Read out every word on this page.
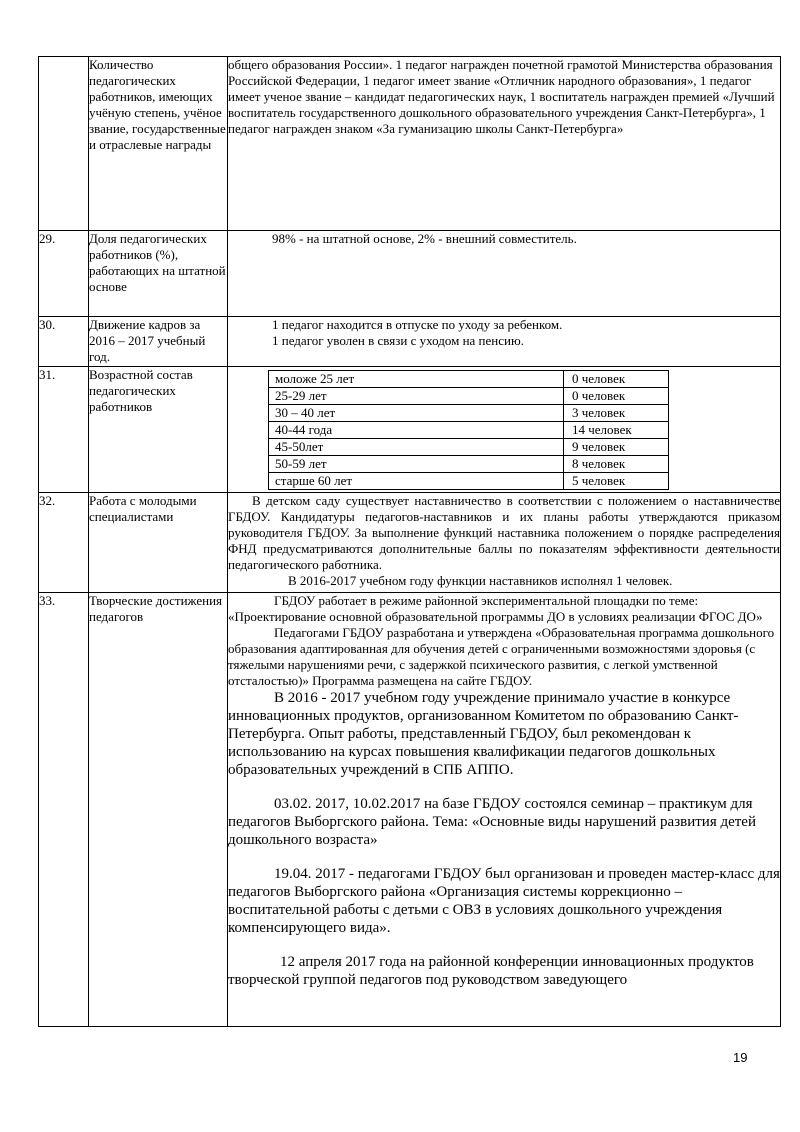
	Количество педагогических работников, имеющих учёную степень, учёное звание, государственные и отраслевые награды	

общего образования России». 1 педагог награжден почетной грамотой Министерства образования Российской Федерации, 1 педагог имеет звание «Отличник народного образования», 1 педагог имеет ученое звание – кандидат педагогических наук, 1 воспитатель награжден премией «Лучший воспитатель государственного дошкольного образовательного учреждения Санкт-Петербурга», 1 педагог награжден знаком «За гуманизацию школы Санкт-Петербурга»

29.	Доля педагогических работников (%), работающих на штатной основе	

98% - на штатной основе, 2% - внешний совместитель.

30.	Движение кадров за 2016 – 2017 учебный год.	

1 педагог находится в отпуске по уходу за ребенком.

1 педагог уволен в связи с уходом на пенсию.

31.	Возрастной состав педагогических работников	
моложе 25 лет	0 человек
25-29 лет	0 человек
30 – 40 лет	3 человек
40-44 года	14 человек
45-50лет	9 человек
50-59 лет	8 человек
старше 60 лет	5 человек

32.	Работа с молодыми специалистами	

В детском саду существует наставничество в соответствии с положением о наставничестве ГБДОУ. Кандидатуры педагогов-наставников и их планы работы утверждаются приказом руководителя ГБДОУ. За выполнение функций наставника положением о порядке распределения ФНД предусматриваются дополнительные баллы по показателям эффективности деятельности педагогического работника.

В 2016-2017 учебном году функции наставников исполнял 1 человек.

33.	Творческие достижения педагогов	

ГБДОУ работает в режиме районной экспериментальной площадки по теме: «Проектирование основной образовательной программы ДО в условиях реализации ФГОС ДО»

Педагогами ГБДОУ разработана и утверждена «Образовательная программа дошкольного образования адаптированная для обучения детей с ограниченными возможностями здоровья (с тяжелыми нарушениями речи, с задержкой психического развития, с легкой умственной отсталостью)» Программа размещена на сайте ГБДОУ.

В 2016 - 2017 учебном году учреждение принимало участие в конкурсе инновационных продуктов, организованном Комитетом по образованию Санкт-Петербурга. Опыт работы, представленный ГБДОУ, был рекомендован к использованию на курсах повышения квалификации педагогов дошкольных образовательных учреждений в СПБ АППО.

03.02. 2017, 10.02.2017 на базе ГБДОУ состоялся семинар – практикум для педагогов Выборгского района. Тема: «Основные виды нарушений развития детей дошкольного возраста»

19.04. 2017 - педагогами ГБДОУ был организован и проведен мастер-класс для педагогов Выборгского района «Организация системы коррекционно – воспитательной работы с детьми с ОВЗ в условиях дошкольного учреждения компенсирующего вида».

12 апреля 2017 года на районной конференции инновационных продуктов творческой группой педагогов под руководством заведующего

19
